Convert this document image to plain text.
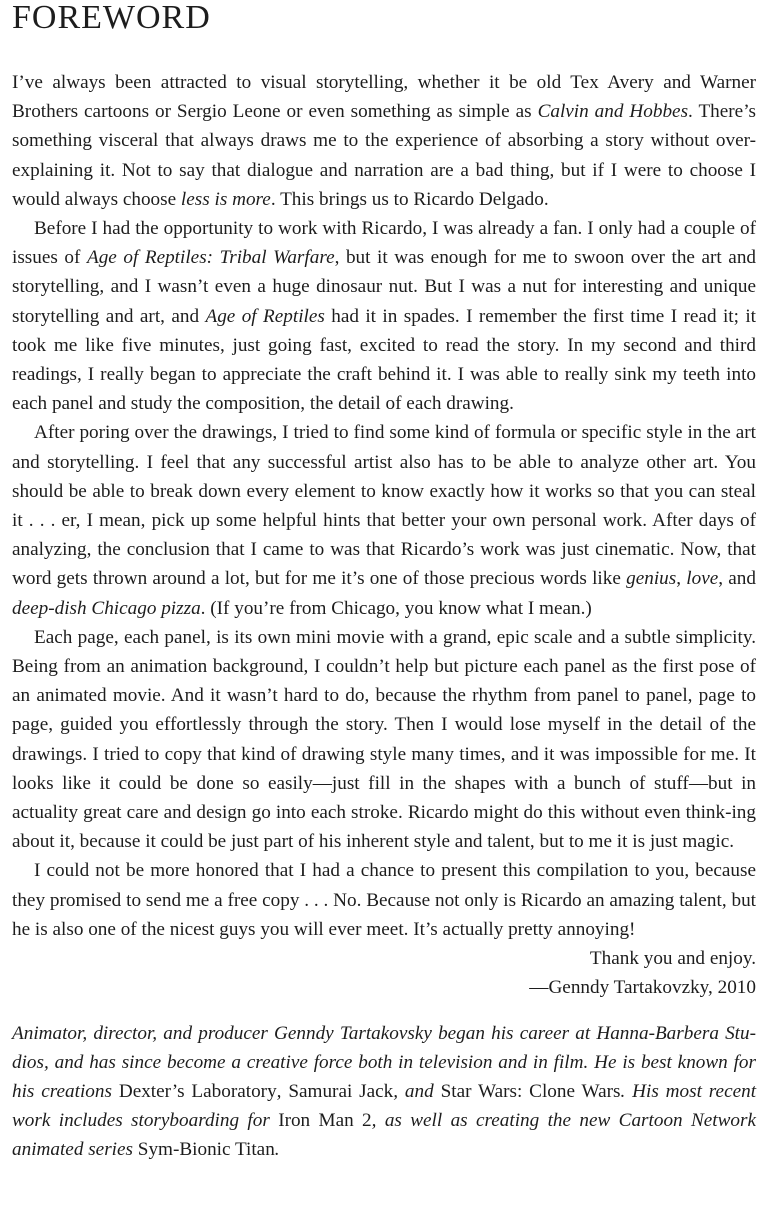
FOREWORD

I’ve always been attracted to visual storytelling, whether it be old Tex Avery and Warner Brothers cartoons or Sergio Leone or even something as simple as Calvin and Hobbes. There’s something visceral that always draws me to the experience of absorbing a story without over-explaining it. Not to say that dialogue and narration are a bad thing, but if I were to choose I would always choose less is more. This brings us to Ricardo Delgado.

Before I had the opportunity to work with Ricardo, I was already a fan. I only had a couple of issues of Age of Reptiles: Tribal Warfare, but it was enough for me to swoon over the art and storytelling, and I wasn’t even a huge dinosaur nut. But I was a nut for interesting and unique storytelling and art, and Age of Reptiles had it in spades. I remember the first time I read it; it took me like five minutes, just going fast, excited to read the story. In my second and third readings, I really began to appreciate the craft behind it. I was able to really sink my teeth into each panel and study the composition, the detail of each drawing.

After poring over the drawings, I tried to find some kind of formula or specific style in the art and storytelling. I feel that any successful artist also has to be able to analyze other art. You should be able to break down every element to know exactly how it works so that you can steal it . . . er, I mean, pick up some helpful hints that better your own personal work. After days of analyzing, the conclusion that I came to was that Ricardo’s work was just cinematic. Now, that word gets thrown around a lot, but for me it’s one of those precious words like genius, love, and deep-dish Chicago pizza. (If you’re from Chicago, you know what I mean.)

Each page, each panel, is its own mini movie with a grand, epic scale and a subtle simplicity. Being from an animation background, I couldn’t help but picture each panel as the first pose of an animated movie. And it wasn’t hard to do, because the rhythm from panel to panel, page to page, guided you effortlessly through the story. Then I would lose myself in the detail of the drawings. I tried to copy that kind of drawing style many times, and it was impossible for me. It looks like it could be done so easily—just fill in the shapes with a bunch of stuff—but in actuality great care and design go into each stroke. Ricardo might do this without even think-ing about it, because it could be just part of his inherent style and talent, but to me it is just magic.

I could not be more honored that I had a chance to present this compilation to you, because they promised to send me a free copy . . . No. Because not only is Ricardo an amazing talent, but he is also one of the nicest guys you will ever meet. It’s actually pretty annoying!

Thank you and enjoy.

—Genndy Tartakovzky, 2010

Animator, director, and producer Genndy Tartakovsky began his career at Hanna-Barbera Stu-dios, and has since become a creative force both in television and in film. He is best known for his creations Dexter’s Laboratory, Samurai Jack, and Star Wars: Clone Wars. His most recent work includes storyboarding for Iron Man 2, as well as creating the new Cartoon Network animated series Sym-Bionic Titan.
